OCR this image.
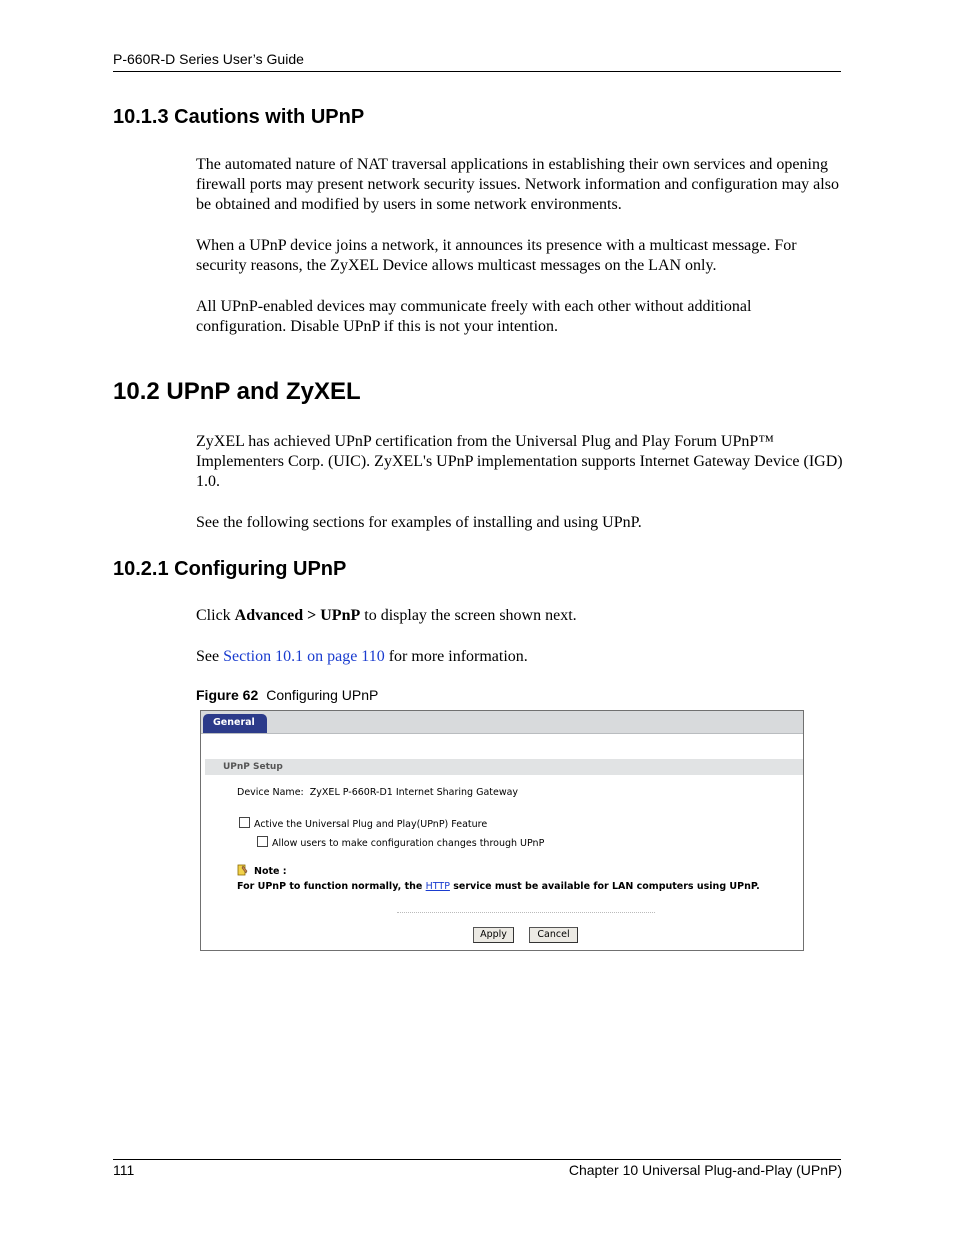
P-660R-D Series User’s Guide
10.1.3 Cautions with UPnP
The automated nature of NAT traversal applications in establishing their own services and opening firewall ports may present network security issues. Network information and configuration may also be obtained and modified by users in some network environments.
When a UPnP device joins a network, it announces its presence with a multicast message. For security reasons, the ZyXEL Device allows multicast messages on the LAN only.
All UPnP-enabled devices may communicate freely with each other without additional configuration. Disable UPnP if this is not your intention.
10.2 UPnP and ZyXEL
ZyXEL has achieved UPnP certification from the Universal Plug and Play Forum UPnP™ Implementers Corp. (UIC). ZyXEL's UPnP implementation supports Internet Gateway Device (IGD) 1.0.
See the following sections for examples of installing and using UPnP.
10.2.1 Configuring UPnP
Click Advanced > UPnP to display the screen shown next.
See Section 10.1 on page 110 for more information.
Figure 62 Configuring UPnP
General
UPnP Setup
Device Name: ZyXEL P-660R-D1 Internet Sharing Gateway
Active the Universal Plug and Play(UPnP) Feature
Allow users to make configuration changes through UPnP
Note :
For UPnP to function normally, the HTTP service must be available for LAN computers using UPnP.
Apply	Cancel
111	Chapter 10 Universal Plug-and-Play (UPnP)
